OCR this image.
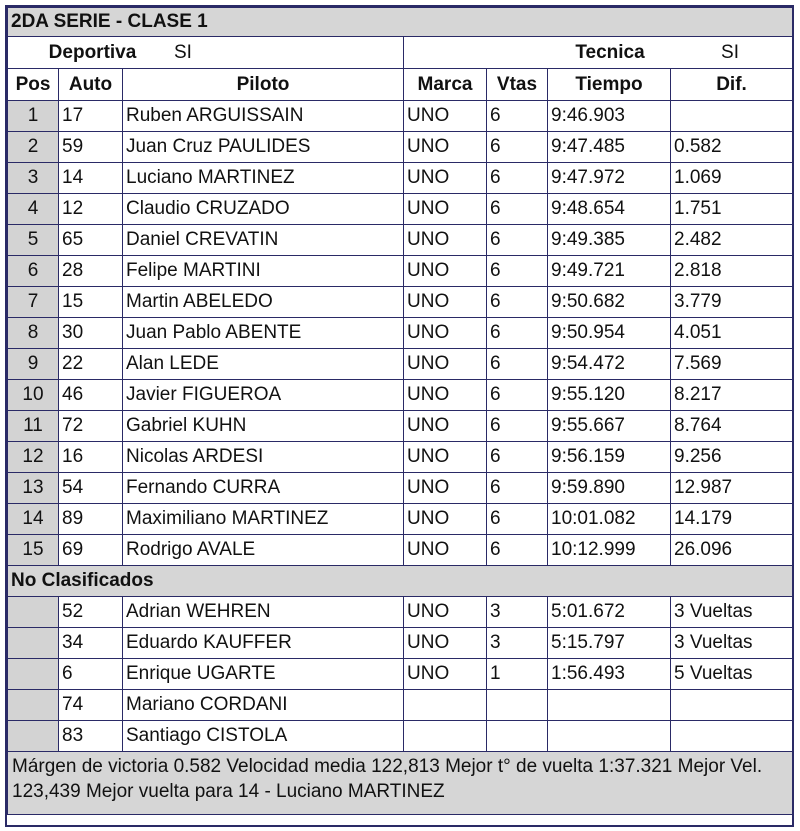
2DA SERIE - CLASE 1						
Deportiva SI			Tecnica SI			
Pos	Auto	Piloto	Marca	Vtas	Tiempo	Dif.
1	17	Ruben ARGUISSAIN	UNO	6	9:46.903	
2	59	Juan Cruz PAULIDES	UNO	6	9:47.485	0.582
3	14	Luciano MARTINEZ	UNO	6	9:47.972	1.069
4	12	Claudio CRUZADO	UNO	6	9:48.654	1.751
5	65	Daniel CREVATIN	UNO	6	9:49.385	2.482
6	28	Felipe MARTINI	UNO	6	9:49.721	2.818
7	15	Martin ABELEDO	UNO	6	9:50.682	3.779
8	30	Juan Pablo ABENTE	UNO	6	9:50.954	4.051
9	22	Alan LEDE	UNO	6	9:54.472	7.569
10	46	Javier FIGUEROA	UNO	6	9:55.120	8.217
11	72	Gabriel KUHN	UNO	6	9:55.667	8.764
12	16	Nicolas ARDESI	UNO	6	9:56.159	9.256
13	54	Fernando CURRA	UNO	6	9:59.890	12.987
14	89	Maximiliano MARTINEZ	UNO	6	10:01.082	14.179
15	69	Rodrigo AVALE	UNO	6	10:12.999	26.096
No Clasificados						
	52	Adrian WEHREN	UNO	3	5:01.672	3 Vueltas
	34	Eduardo KAUFFER	UNO	3	5:15.797	3 Vueltas
	6	Enrique UGARTE	UNO	1	1:56.493	5 Vueltas
	74	Mariano CORDANI				
	83	Santiago CISTOLA				
Márgen de victoria 0.582 Velocidad media 122,813 Mejor t° de vuelta 1:37.321 Mejor Vel. 123,439 Mejor vuelta para 14 - Luciano MARTINEZ						
